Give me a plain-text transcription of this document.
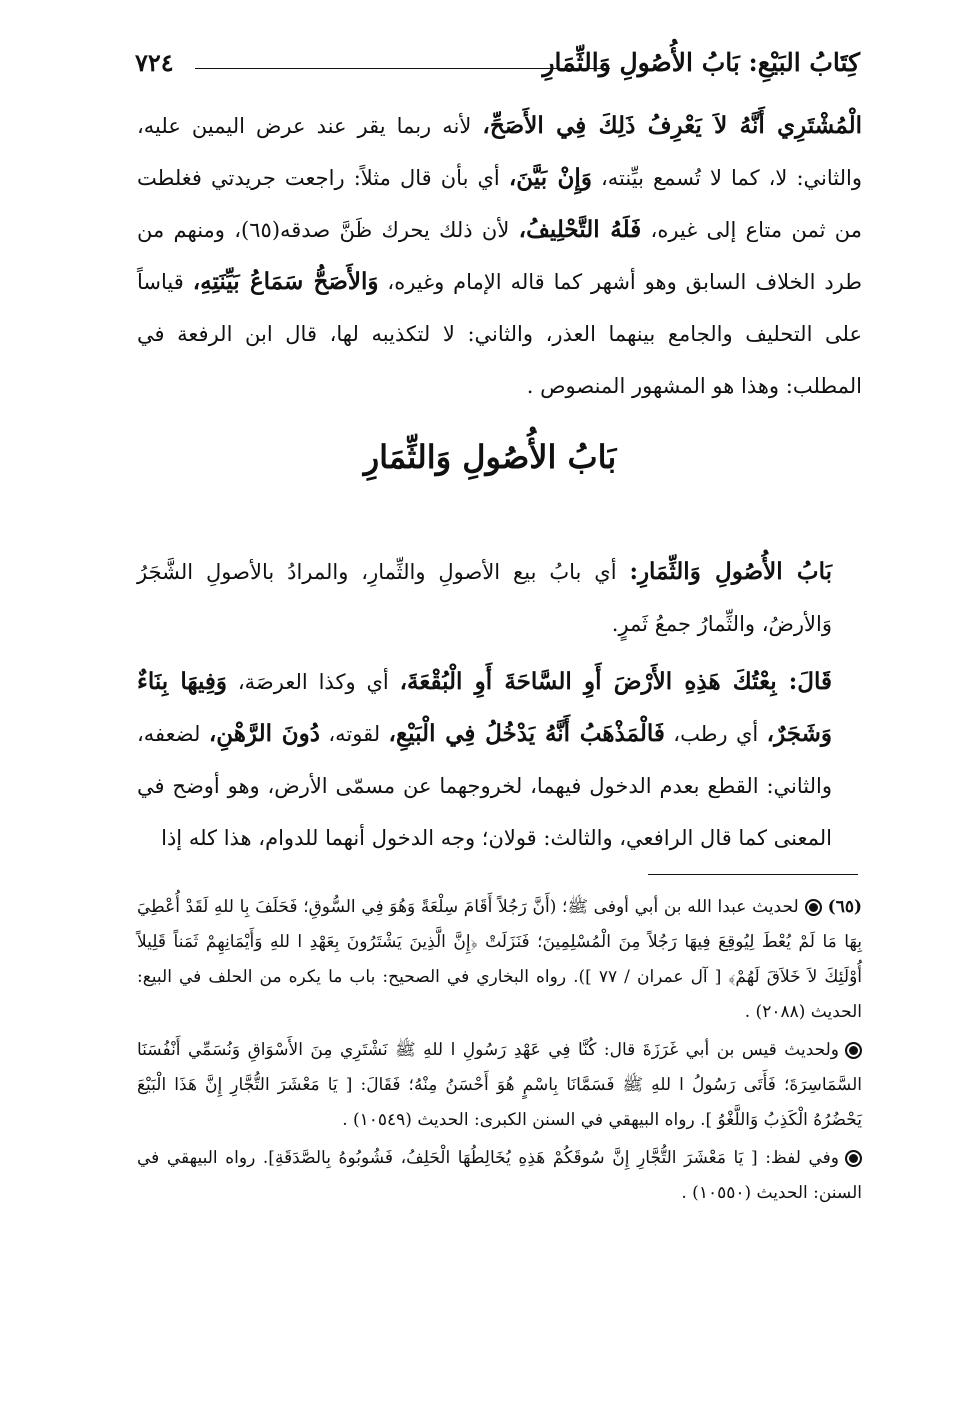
كِتَابُ البَيْعِ: بَابُ الأُصُولِ وَالثِّمَارِ
٧٢٤

الْمُشْتَرِي أَنَّهُ لاَ يَعْرِفُ ذَلِكَ فِي الأَصَحِّ، لأنه ربما يقر عند عرض اليمين عليه، والثاني: لا، كما لا تُسمع بيِّنته، وَإِنْ بَيَّنَ، أي بأن قال مثلاً: راجعت جريدتي فغلطت من ثمن متاع إلى غيره، فَلَهُ التَّحْلِيفُ، لأن ذلك يحرك ظَنَّ صدقه(٦٥)، ومنهم من طرد الخلاف السابق وهو أشهر كما قاله الإمام وغيره، وَالأَصَحُّ سَمَاعُ بَيِّنَتِهِ، قياساً على التحليف والجامع بينهما العذر، والثاني: لا لتكذيبه لها، قال ابن الرفعة في المطلب: وهذا هو المشهور المنصوص .

بَابُ الأُصُولِ وَالثِّمَارِ

بَابُ الأُصُولِ وَالثِّمَارِ: أي بابُ بيع الأصولِ والثِّمارِ، والمرادُ بالأصولِ الشَّجَرُ وَالأرضُ، والثِّمارُ جمعُ ثَمرٍ.

قَالَ: بِعْتُكَ هَذِهِ الأَرْضَ أَوِ السَّاحَةَ أَوِ الْبُقْعَةَ، أي وكذا العرصَة، وَفِيهَا بِنَاءٌ وَشَجَرٌ، أي رطب، فَالْمَذْهَبُ أَنَّهُ يَدْخُلُ فِي الْبَيْعِ، لقوته، دُونَ الرَّهْنِ، لضعفه، والثاني: القطع بعدم الدخول فيهما، لخروجهما عن مسمّى الأرض، وهو أوضح في المعنى كما قال الرافعي، والثالث: قولان؛ وجه الدخول أنهما للدوام، هذا كله إذا

(٦٥)لحديث عبدا الله بن أبي أوفى ﷺ؛ (أَنَّ رَجُلاً أَقَامَ سِلْعَةً وَهُوَ فِي السُّوقِ؛ فَحَلَفَ بِا للهِ لَقَدْ أُعْطِيَ بِهَا مَا لَمْ يُعْطَ لِيُوقِعَ فِيهَا رَجُلاً مِنَ الْمُسْلِمِينَ؛ فَنَزَلَتْ ﴿إِنَّ الَّذِينَ يَشْتَرُونَ بِعَهْدِ ا للهِ وَأَيْمَانِهِمْ ثَمَناً قَلِيلاً أُوْلَئِكَ لاَ خَلاَقَ لَهُمْ﴾ [ آل عمران / ٧٧ ]). رواه البخاري في الصحيح: باب ما يكره من الحلف في البيع: الحديث (٢٠٨٨) .

ولحديث قيس بن أبي غَرَزَةَ قال: كُنَّا فِي عَهْدِ رَسُولِ ا للهِ ﷺ نَشْتَرِي مِنَ الأَسْوَاقِ وَنُسَمِّي أَنْفُسَنَا السَّمَاسِرَةَ؛ فَأَتَى رَسُولُ ا للهِ ﷺ فَسَمَّانَا بِاسْمٍ هُوَ أَحْسَنُ مِنْهُ؛ فَقَالَ: [ يَا مَعْشَرَ التُّجَّارِ إِنَّ هَذَا الْبَيْعَ يَحْضُرُهُ الْكَذِبُ وَاللَّغْوُ ]. رواه البيهقي في السنن الكبرى: الحديث (١٠٥٤٩) .

وفي لفظ: [ يَا مَعْشَرَ التُّجَّارِ إِنَّ سُوقَكُمْ هَذِهِ يُخَالِطُهَا الْحَلِفُ، فَشُوبُوهُ بِالصَّدَقَةِ]. رواه البيهقي في السنن: الحديث (١٠٥٥٠) .
